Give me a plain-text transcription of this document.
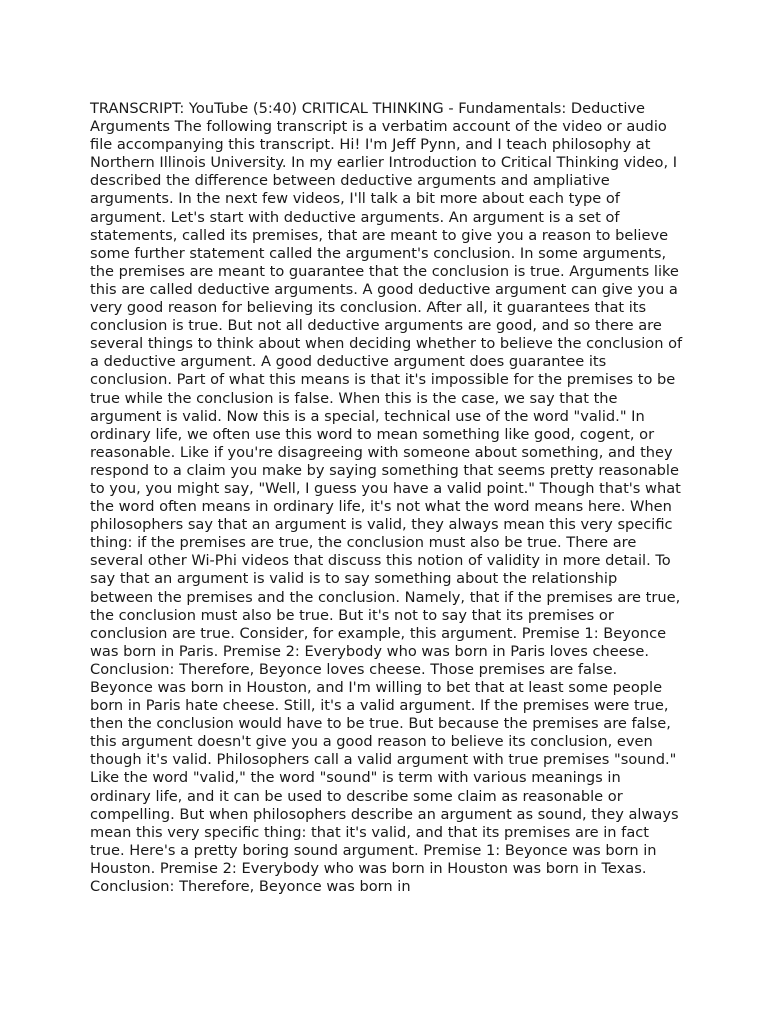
TRANSCRIPT: YouTube (5:40) CRITICAL THINKING - Fundamentals: Deductive Arguments The following transcript is a verbatim account of the video or audio file accompanying this transcript. Hi! I'm Jeff Pynn, and I teach philosophy at Northern Illinois University. In my earlier Introduction to Critical Thinking video, I described the difference between deductive arguments and ampliative arguments. In the next few videos, I'll talk a bit more about each type of argument. Let's start with deductive arguments. An argument is a set of statements, called its premises, that are meant to give you a reason to believe some further statement called the argument's conclusion. In some arguments, the premises are meant to guarantee that the conclusion is true. Arguments like this are called deductive arguments. A good deductive argument can give you a very good reason for believing its conclusion. After all, it guarantees that its conclusion is true. But not all deductive arguments are good, and so there are several things to think about when deciding whether to believe the conclusion of a deductive argument. A good deductive argument does guarantee its conclusion. Part of what this means is that it's impossible for the premises to be true while the conclusion is false. When this is the case, we say that the argument is valid. Now this is a special, technical use of the word "valid." In ordinary life, we often use this word to mean something like good, cogent, or reasonable. Like if you're disagreeing with someone about something, and they respond to a claim you make by saying something that seems pretty reasonable to you, you might say, "Well, I guess you have a valid point." Though that's what the word often means in ordinary life, it's not what the word means here. When philosophers say that an argument is valid, they always mean this very specific thing: if the premises are true, the conclusion must also be true. There are several other Wi-Phi videos that discuss this notion of validity in more detail. To say that an argument is valid is to say something about the relationship between the premises and the conclusion. Namely, that if the premises are true, the conclusion must also be true. But it's not to say that its premises or conclusion are true. Consider, for example, this argument. Premise 1: Beyonce was born in Paris. Premise 2: Everybody who was born in Paris loves cheese. Conclusion: Therefore, Beyonce loves cheese. Those premises are false. Beyonce was born in Houston, and I'm willing to bet that at least some people born in Paris hate cheese. Still, it's a valid argument. If the premises were true, then the conclusion would have to be true. But because the premises are false, this argument doesn't give you a good reason to believe its conclusion, even though it's valid. Philosophers call a valid argument with true premises "sound." Like the word "valid," the word "sound" is term with various meanings in ordinary life, and it can be used to describe some claim as reasonable or compelling. But when philosophers describe an argument as sound, they always mean this very specific thing: that it's valid, and that its premises are in fact true. Here's a pretty boring sound argument. Premise 1: Beyonce was born in Houston. Premise 2: Everybody who was born in Houston was born in Texas. Conclusion: Therefore, Beyonce was born in
